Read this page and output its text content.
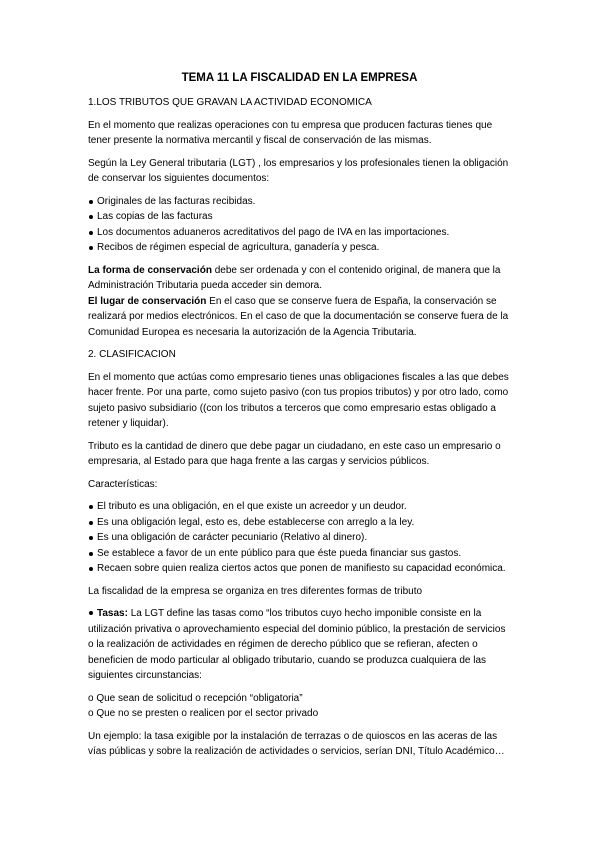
TEMA 11 LA FISCALIDAD EN LA EMPRESA
1.LOS TRIBUTOS QUE GRAVAN LA ACTIVIDAD ECONOMICA

En el momento que realizas operaciones con tu empresa que producen facturas tienes que tener presente la normativa mercantil y fiscal de conservación de las mismas.

Según la Ley General tributaria (LGT) , los empresarios y los profesionales tienen la obligación de conservar los siguientes documentos:

Originales de las facturas recibidas.
Las copias de las facturas
Los documentos aduaneros acreditativos del pago de IVA en las importaciones.
Recibos de régimen especial de agricultura, ganadería y pesca.
La forma de conservación debe ser ordenada y con el contenido original, de manera que la Administración Tributaria pueda acceder sin demora.
El lugar de conservación En el caso que se conserve fuera de España, la conservación se realizará por medios electrónicos. En el caso de que la documentación se conserve fuera de la Comunidad Europea es necesaria la autorización de la Agencia Tributaria.
2. CLASIFICACION

En el momento que actúas como empresario tienes unas obligaciones fiscales a las que debes hacer frente. Por una parte, como sujeto pasivo (con tus propios tributos) y por otro lado, como sujeto pasivo subsidiario ((con los tributos a terceros que como empresario estas obligado a retener y liquidar).

Tributo es la cantidad de dinero que debe pagar un ciudadano, en este caso un empresario o empresaria, al Estado para que haga frente a las cargas y servicios públicos.

Características:

El tributo es una obligación, en el que existe un acreedor y un deudor.
Es una obligación legal, esto es, debe establecerse con arreglo a la ley.
Es una obligación de carácter pecuniario (Relativo al dinero).
Se establece a favor de un ente público para que éste pueda financiar sus gastos.
Recaen sobre quien realiza ciertos actos que ponen de manifiesto su capacidad económica.

La fiscalidad de la empresa se organiza en tres diferentes formas de tributo

Tasas: La LGT define las tasas como “los tributos cuyo hecho imponible consiste en la utilización privativa o aprovechamiento especial del dominio público, la prestación de servicios o la realización de actividades en régimen de derecho público que se refieran, afecten o beneficien de modo particular al obligado tributario, cuando se produzca cualquiera de las siguientes circunstancias:

o Que sean de solicitud o recepción “obligatoria”
o Que no se presten o realicen por el sector privado

Un ejemplo: la tasa exigible por la instalación de terrazas o de quioscos en las aceras de las vías públicas y sobre la realización de actividades o servicios, serían DNI, Título Académico…
